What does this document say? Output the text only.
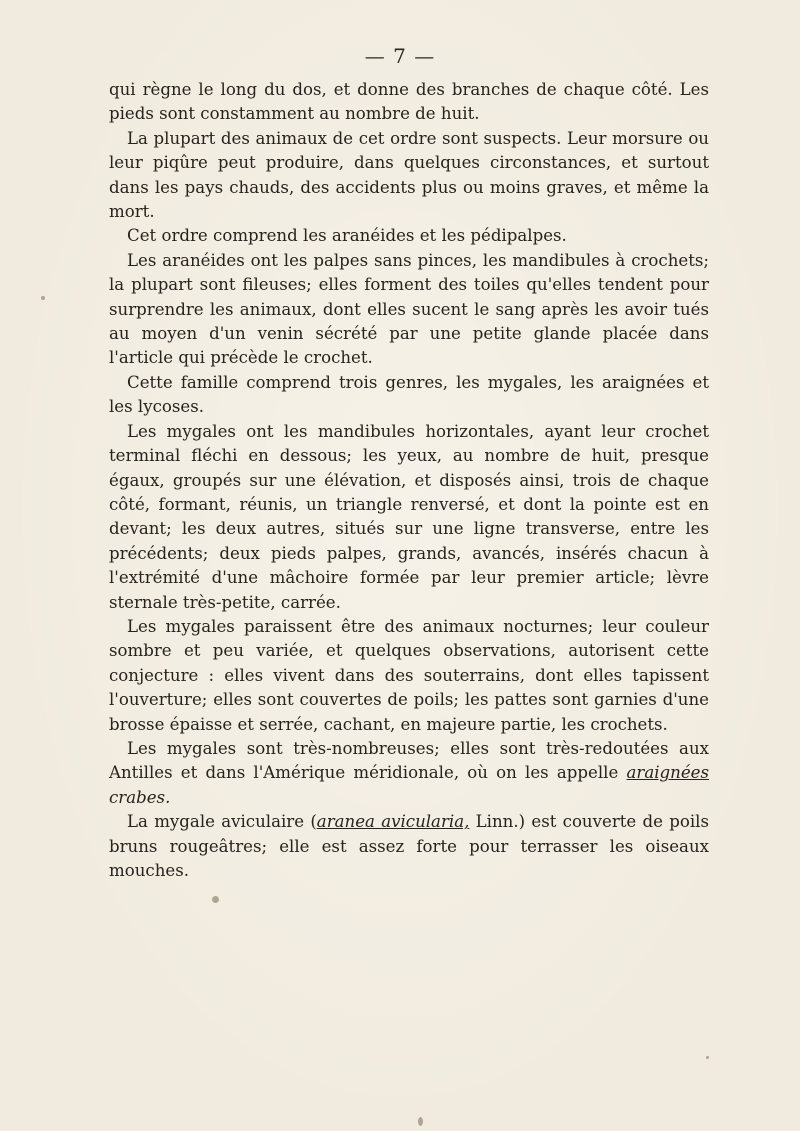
— 7 —

qui règne le long du dos, et donne des branches de chaque côté. Les pieds sont constamment au nombre de huit.

La plupart des animaux de cet ordre sont suspects. Leur morsure ou leur piqûre peut produire, dans quelques circonstances, et surtout dans les pays chauds, des accidents plus ou moins graves, et même la mort.

Cet ordre comprend les aranéides et les pédipalpes.

Les aranéides ont les palpes sans pinces, les mandibules à crochets; la plupart sont fileuses; elles forment des toiles qu'elles tendent pour surprendre les animaux, dont elles sucent le sang après les avoir tués au moyen d'un venin sécrété par une petite glande placée dans l'article qui précède le crochet.

Cette famille comprend trois genres, les mygales, les araignées et les lycoses.

Les mygales ont les mandibules horizontales, ayant leur crochet terminal fléchi en dessous; les yeux, au nombre de huit, presque égaux, groupés sur une élévation, et disposés ainsi, trois de chaque côté, formant, réunis, un triangle renversé, et dont la pointe est en devant; les deux autres, situés sur une ligne transverse, entre les précédents; deux pieds palpes, grands, avancés, insérés chacun à l'extrémité d'une mâchoire formée par leur premier article; lèvre sternale très-petite, carrée.

Les mygales paraissent être des animaux nocturnes; leur couleur sombre et peu variée, et quelques observations, autorisent cette conjecture : elles vivent dans des souterrains, dont elles tapissent l'ouverture; elles sont couvertes de poils; les pattes sont garnies d'une brosse épaisse et serrée, cachant, en majeure partie, les crochets.

Les mygales sont très-nombreuses; elles sont très-redoutées aux Antilles et dans l'Amérique méridionale, où on les appelle araignées crabes.

La mygale aviculaire (aranea avicularia, Linn.) est couverte de poils bruns rougeâtres; elle est assez forte pour terrasser les oiseaux mouches.
